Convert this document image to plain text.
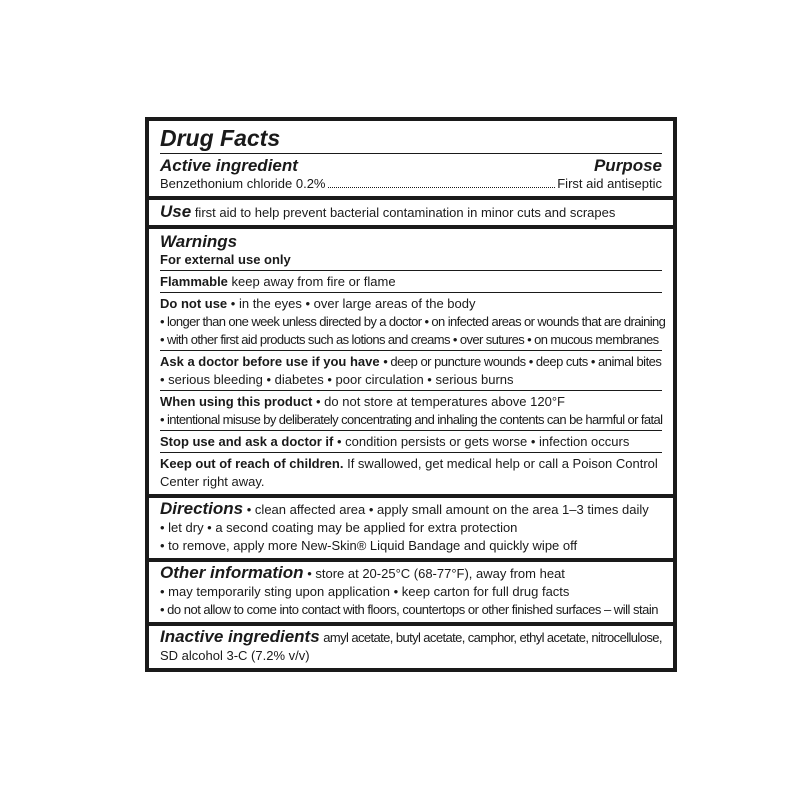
Drug Facts
Active ingredient	Purpose
Benzethonium chloride 0.2%	First aid antiseptic
Use first aid to help prevent bacterial contamination in minor cuts and scrapes
Warnings
For external use only
Flammable keep away from fire or flame
Do not use • in the eyes • over large areas of the body
• longer than one week unless directed by a doctor • on infected areas or wounds that are draining
• with other first aid products such as lotions and creams • over sutures • on mucous membranes
Ask a doctor before use if you have • deep or puncture wounds • deep cuts • animal bites
• serious bleeding • diabetes • poor circulation • serious burns
When using this product • do not store at temperatures above 120°F
• intentional misuse by deliberately concentrating and inhaling the contents can be harmful or fatal
Stop use and ask a doctor if • condition persists or gets worse • infection occurs
Keep out of reach of children. If swallowed, get medical help or call a Poison Control
Center right away.
Directions • clean affected area • apply small amount on the area 1–3 times daily
• let dry • a second coating may be applied for extra protection
• to remove, apply more New-Skin® Liquid Bandage and quickly wipe off
Other information • store at 20-25°C (68-77°F), away from heat
• may temporarily sting upon application • keep carton for full drug facts
• do not allow to come into contact with floors, countertops or other finished surfaces – will stain
Inactive ingredients amyl acetate, butyl acetate, camphor, ethyl acetate, nitrocellulose,
SD alcohol 3-C (7.2% v/v)
